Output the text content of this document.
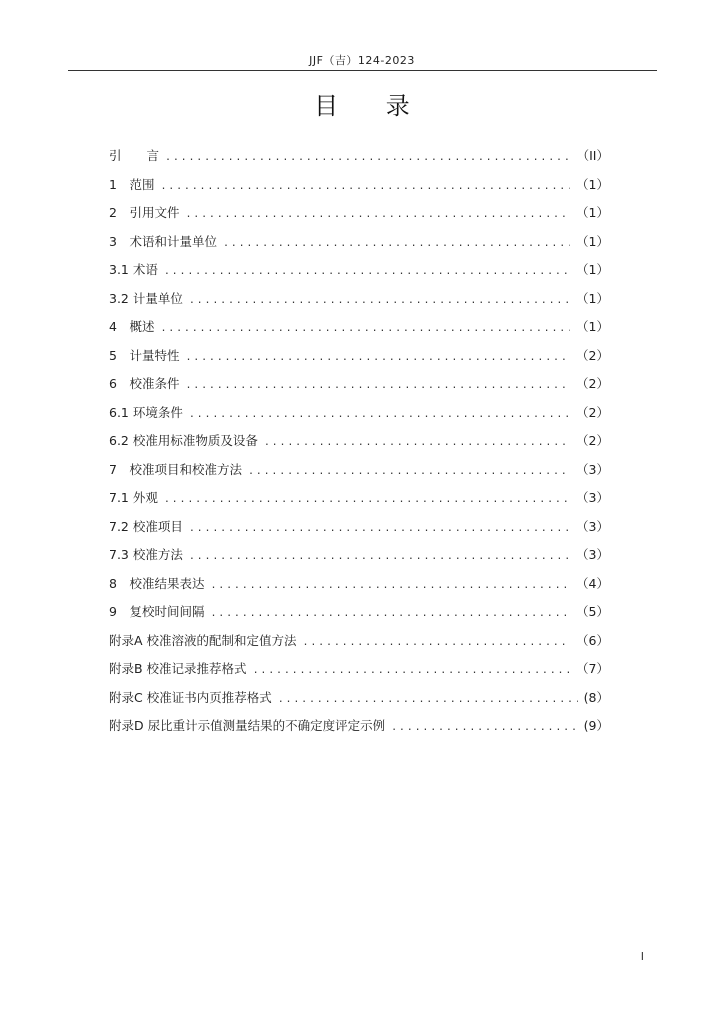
JJF（吉）124-2023
目 录
引　　言 .....	（II）
1　范围 .....	（1）
2　引用文件 .....	（1）
3　术语和计量单位 .....	（1）
3.1 术语 .....	（1）
3.2 计量单位 .....	（1）
4　概述 .....	（1）
5　计量特性 .....	（2）
6　校准条件 .....	（2）
6.1 环境条件 .....	（2）
6.2 校准用标准物质及设备 .....	（2）
7　校准项目和校准方法 .....	（3）
7.1 外观 .....	（3）
7.2 校准项目 .....	（3）
7.3 校准方法 .....	（3）
8　校准结果表达 .....	（4）
9　复校时间间隔 .....	（5）
附录A 校准溶液的配制和定值方法 .....	（6）
附录B 校准记录推荐格式 .....	（7）
附录C 校准证书内页推荐格式 .....	(8）
附录D 尿比重计示值测量结果的不确定度评定示例 .....	(9）
I
